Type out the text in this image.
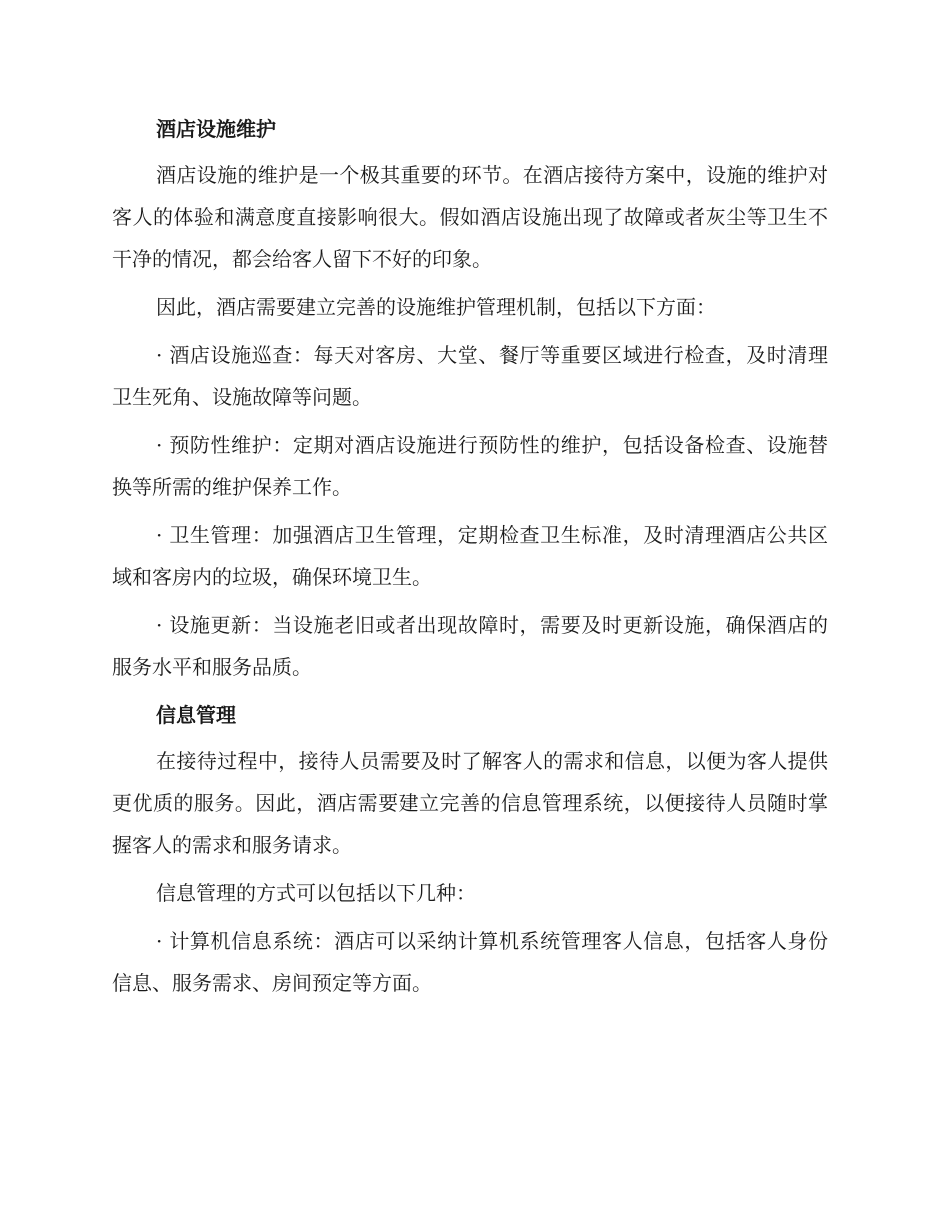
酒店设施维护

酒店设施的维护是一个极其重要的环节。在酒店接待方案中，设施的维护对客人的体验和满意度直接影响很大。假如酒店设施出现了故障或者灰尘等卫生不干净的情况，都会给客人留下不好的印象。

因此，酒店需要建立完善的设施维护管理机制，包括以下方面：

· 酒店设施巡查：每天对客房、大堂、餐厅等重要区域进行检查，及时清理卫生死角、设施故障等问题。

· 预防性维护：定期对酒店设施进行预防性的维护，包括设备检查、设施替换等所需的维护保养工作。

· 卫生管理：加强酒店卫生管理，定期检查卫生标准，及时清理酒店公共区域和客房内的垃圾，确保环境卫生。

· 设施更新：当设施老旧或者出现故障时，需要及时更新设施，确保酒店的服务水平和服务品质。

信息管理

在接待过程中，接待人员需要及时了解客人的需求和信息，以便为客人提供更优质的服务。因此，酒店需要建立完善的信息管理系统，以便接待人员随时掌握客人的需求和服务请求。

信息管理的方式可以包括以下几种：

· 计算机信息系统：酒店可以采纳计算机系统管理客人信息，包括客人身份信息、服务需求、房间预定等方面。
